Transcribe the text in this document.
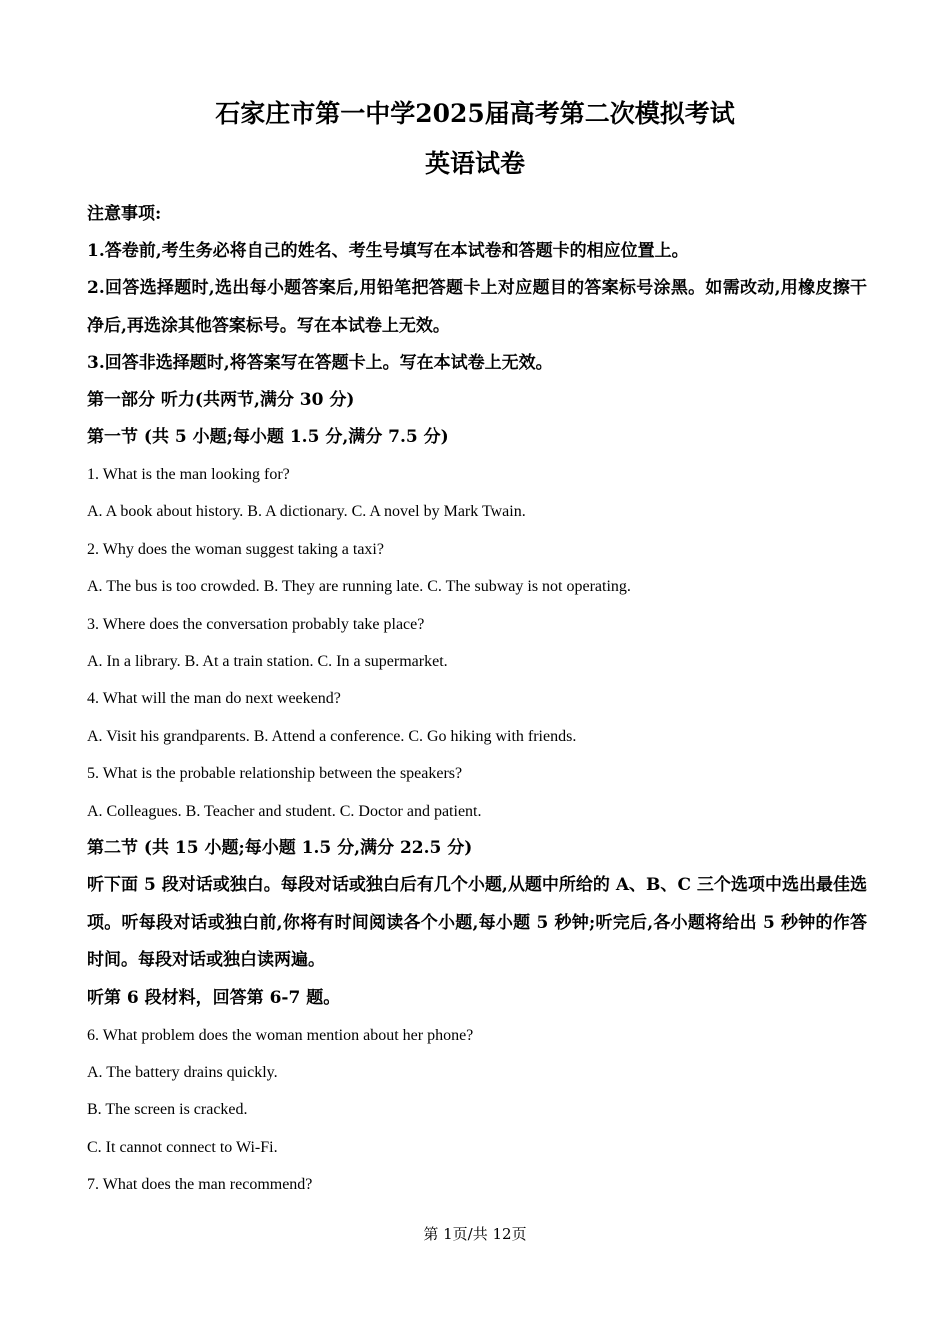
石家庄市第一中学2025届高考第二次模拟考试
英语试卷

注意事项:

1.答卷前,考生务必将自己的姓名、考生号填写在本试卷和答题卡的相应位置上。

2.回答选择题时,选出每小题答案后,用铅笔把答题卡上对应题目的答案标号涂黑。如需改动,用橡皮擦干净后,再选涂其他答案标号。写在本试卷上无效。

3.回答非选择题时,将答案写在答题卡上。写在本试卷上无效。

第一部分 听力(共两节,满分 30 分)

第一节 (共 5 小题;每小题 1.5 分,满分 7.5 分)

1. What is the man looking for?

A. A book about history. B. A dictionary. C. A novel by Mark Twain.

2. Why does the woman suggest taking a taxi?

A. The bus is too crowded. B. They are running late. C. The subway is not operating.

3. Where does the conversation probably take place?

A. In a library. B. At a train station. C. In a supermarket.

4. What will the man do next weekend?

A. Visit his grandparents. B. Attend a conference. C. Go hiking with friends.

5. What is the probable relationship between the speakers?

A. Colleagues. B. Teacher and student. C. Doctor and patient.

第二节 (共 15 小题;每小题 1.5 分,满分 22.5 分)

听下面 5 段对话或独白。每段对话或独白后有几个小题,从题中所给的 A、B、C 三个选项中选出最佳选项。听每段对话或独白前,你将有时间阅读各个小题,每小题 5 秒钟;听完后,各小题将给出 5 秒钟的作答时间。每段对话或独白读两遍。

听第 6 段材料，回答第 6-7 题。

6. What problem does the woman mention about her phone?

A. The battery drains quickly.

B. The screen is cracked.

C. It cannot connect to Wi-Fi.

7. What does the man recommend?

第 1页/共 12页
